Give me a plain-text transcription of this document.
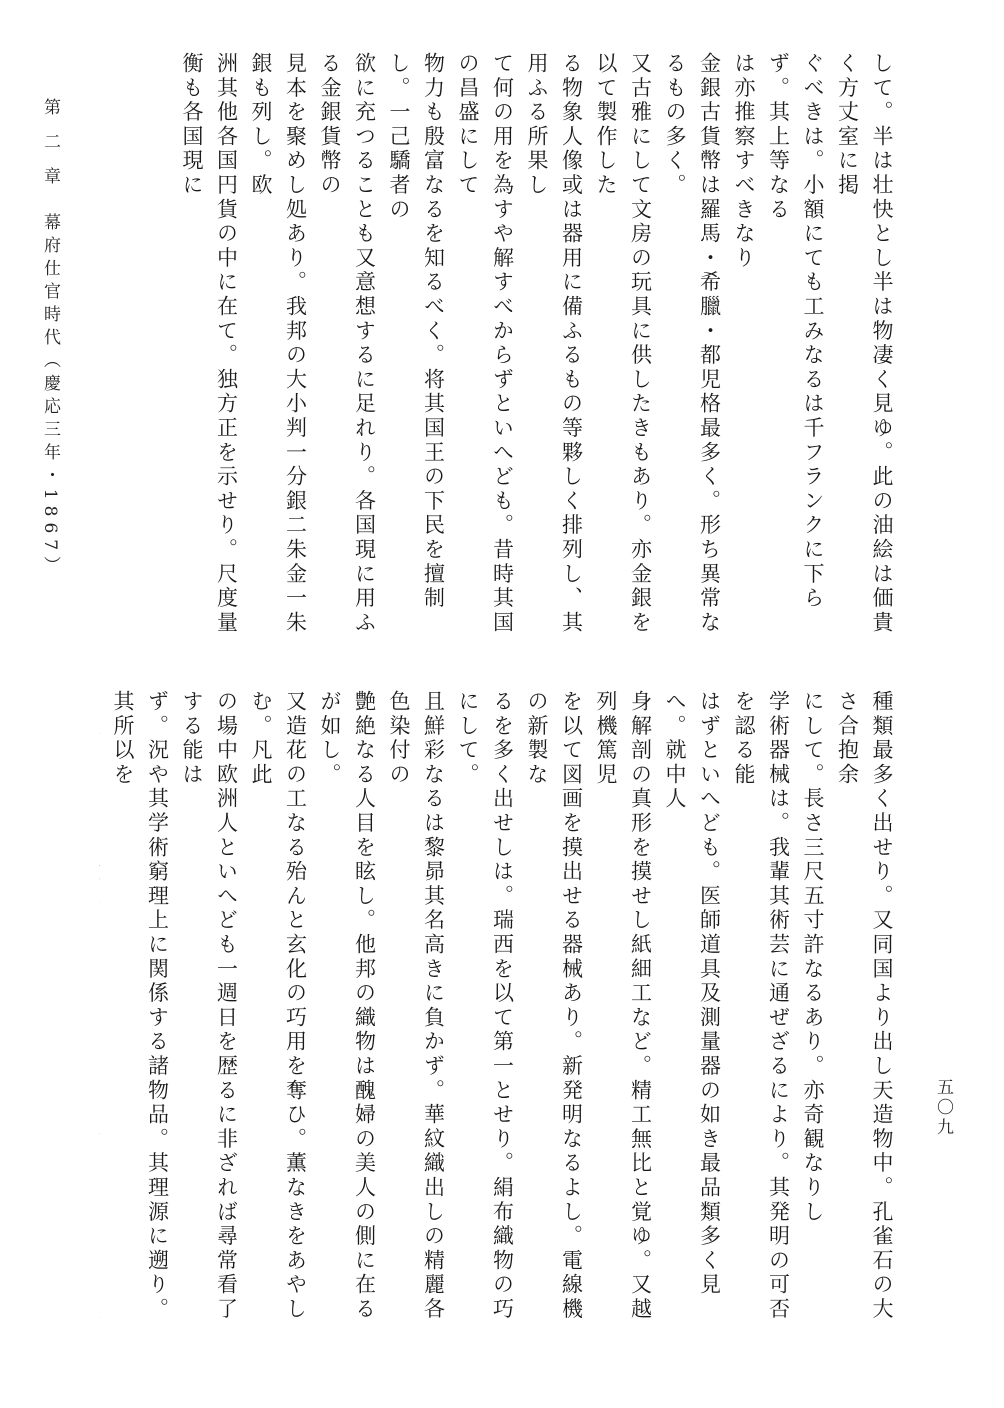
して。半は壮快とし半は物凄く見ゆ。此の油絵は価貴く方丈室に掲

ぐべきは。小額にても工みなるは千フランクに下らず。其上等なる

は亦推察すべきなり

金銀古貨幣は羅馬・希臘・都児格最多く。形ち異常なるもの多く。

又古雅にして文房の玩具に供したきもあり。亦金銀を以て製作した

る物象人像或は器用に備ふるもの等夥しく排列し、其用ふる所果し

て何の用を為すや解すべからずといへども。昔時其国の昌盛にして

物力も殷富なるを知るべく。将其国王の下民を擅制し。一己驕者の

欲に充つることも又意想するに足れり。各国現に用ふる金銀貨幣の

見本を聚めし処あり。我邦の大小判一分銀二朱金一朱銀も列し。欧

洲其他各国円貨の中に在て。独方正を示せり。尺度量衡も各国現に

種類最多く出せり。又同国より出し天造物中。孔雀石の大さ合抱余

にして。長さ三尺五寸許なるあり。亦奇観なりし

学術器械は。我輩其術芸に通ぜざるにより。其発明の可否を認る能

はずといへども。医師道具及測量器の如き最品類多く見へ。就中人

身解剖の真形を摸せし紙細工など。精工無比と覚ゆ。又越列機篤児

を以て図画を摸出せる器械あり。新発明なるよし。電線機の新製な

るを多く出せしは。瑞西を以て第一とせり。絹布織物の巧にして。

且鮮彩なるは黎昴其名高きに負かず。華紋織出しの精麗各色染付の

艶絶なる人目を眩し。他邦の織物は醜婦の美人の側に在るが如し。

又造花の工なる殆んと玄化の巧用を奪ひ。薫なきをあやしむ。凡此

の場中欧洲人といへども一週日を歴るに非ざれば尋常看了する能は

ず。況や其学術窮理上に関係する諸物品。其理源に遡り。其所以を

第 二 章　幕府仕官時代（慶応三年・1867）
五〇九
